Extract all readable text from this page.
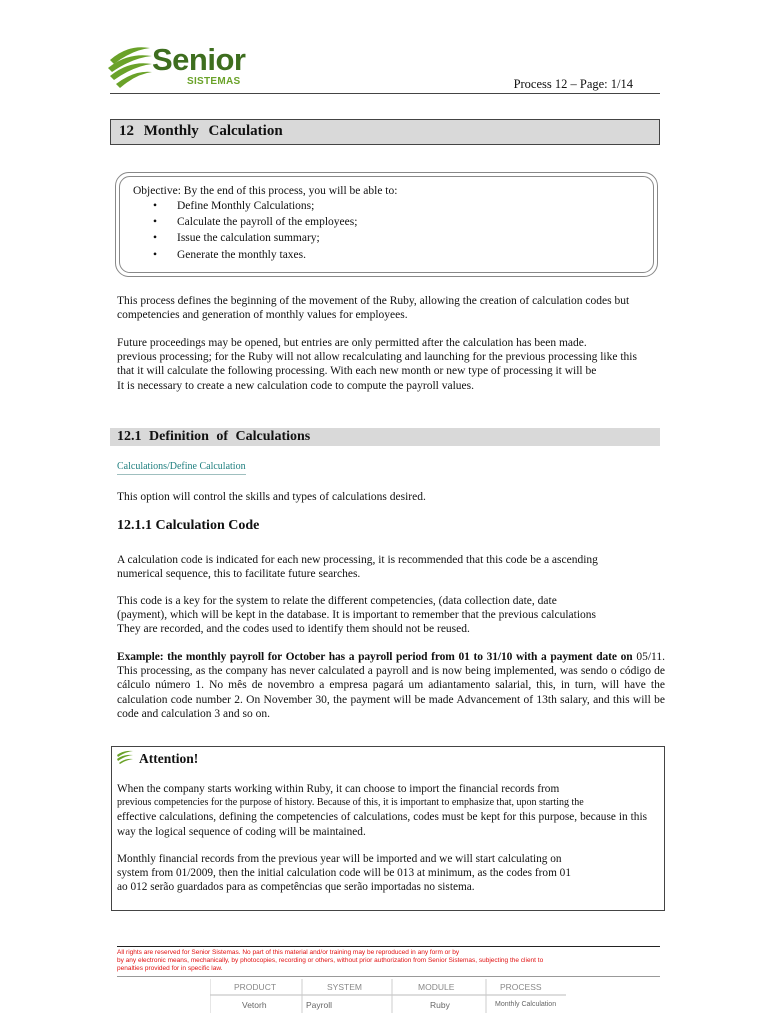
Senior
SISTEMAS	Process 12 – Page: 1/14
12 Monthly Calculation
Objective: By the end of this process, you will be able to:
• Define Monthly Calculations;
• Calculate the payroll of the employees;
• Issue the calculation summary;
• Generate the monthly taxes.
This process defines the beginning of the movement of the Ruby, allowing the creation of calculation codes but competencies and generation of monthly values for employees.
Future proceedings may be opened, but entries are only permitted after the calculation has been made.
previous processing; for the Ruby will not allow recalculating and launching for the previous processing like this
that it will calculate the following processing. With each new month or new type of processing it will be
It is necessary to create a new calculation code to compute the payroll values.
12.1 Definition of Calculations
Calculations/Define Calculation
This option will control the skills and types of calculations desired.
12.1.1 Calculation Code
A calculation code is indicated for each new processing, it is recommended that this code be a ascending numerical sequence, this to facilitate future searches.
This code is a key for the system to relate the different competencies, (data collection date, date
(payment), which will be kept in the database. It is important to remember that the previous calculations
They are recorded, and the codes used to identify them should not be reused.
Example: the monthly payroll for October has a payroll period from 01 to 31/10 with a payment date on 05/11. This processing, as the company has never calculated a payroll and is now being implemented, was sendo o código de cálculo número 1. No mês de novembro a empresa pagará um adiantamento salarial, this, in turn, will have the calculation code number 2. On November 30, the payment will be made Advancement of 13th salary, and this will be code and calculation 3 and so on.
Attention!
When the company starts working within Ruby, it can choose to import the financial records from
previous competencies for the purpose of history. Because of this, it is important to emphasize that, upon starting the
effective calculations, defining the competencies of calculations, codes must be kept for this purpose, because in this way the logical sequence of coding will be maintained.
Monthly financial records from the previous year will be imported and we will start calculating on
system from 01/2009, then the initial calculation code will be 013 at minimum, as the codes from 01
ao 012 serão guardados para as competências que serão importadas no sistema.
All rights are reserved for Senior Sistemas. No part of this material and/or training may be reproduced in any form or by
by any electronic means, mechanically, by photocopies, recording or others, without prior authorization from Senior Sistemas, subjecting the client to
penalties provided for in specific law.
PRODUCT	SYSTEM	MODULE	PROCESS
Vetorh	Payroll	Ruby	Monthly Calculation
